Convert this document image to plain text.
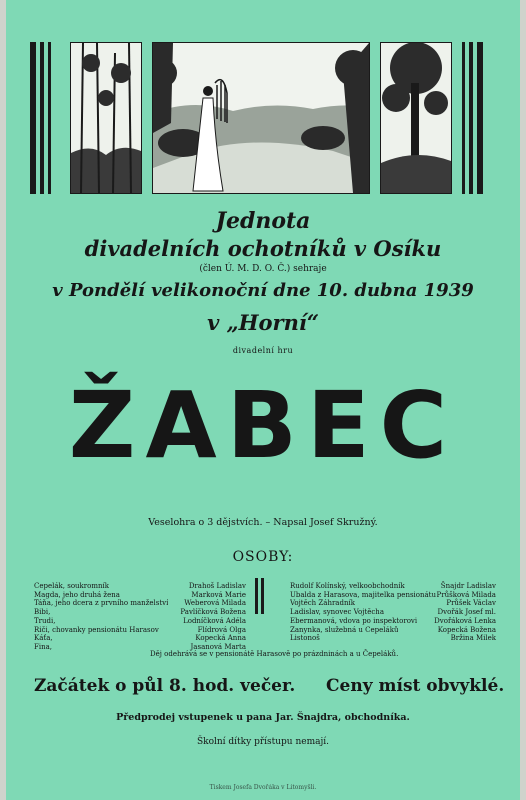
Jednota
divadelních ochotníků v Osíku
(člen Ú. M. D. O. Č.) sehraje
v Pondělí velikonoční dne 10. dubna 1939
v „Horní“
divadelní hru
ŽABEC
Veselohra o 3 dějstvích. – Napsal Josef Skružný.
OSOBY:
Čepelák, soukromník	Drahoš Ladislav
Magda, jeho druhá žena	Marková Marie
Táňa, jeho dcera z prvního manželství Weberová Milada
Bibi,	Pavlíčková Božena
Trudi,	Lodníčková Adéla
Riči, chovanky pensionátu Harasov	Flídrová Olga
Káťa,	Kopecká Anna
Fina,	Jasanová Marta
Rudolf Kolínský, velkoobchodník	Šnajdr Ladislav
Ubalda z Harasova, majitelka pensionátu Průšková Milada
Vojtěch Záhradník	Průšek Václav
Ladislav, synovec Vojtěcha	Dvořák Josef ml.
Ebermanová, vdova po inspektorovi Dvořáková Lenka
Žanynka, služebná u Čepeláků	Kopecká Božena
Listonoš	Bržina Milek
Děj odehrává se v pensionátě Harasově po prázdninách a u Čepeláků.
Začátek o půl 8. hod. večer. Ceny míst obvyklé.
Předprodej vstupenek u pana Jar. Šnajdra, obchodníka.
Školní dítky přístupu nemají.
Tiskem Josefa Dvořáka v Litomyšli.
